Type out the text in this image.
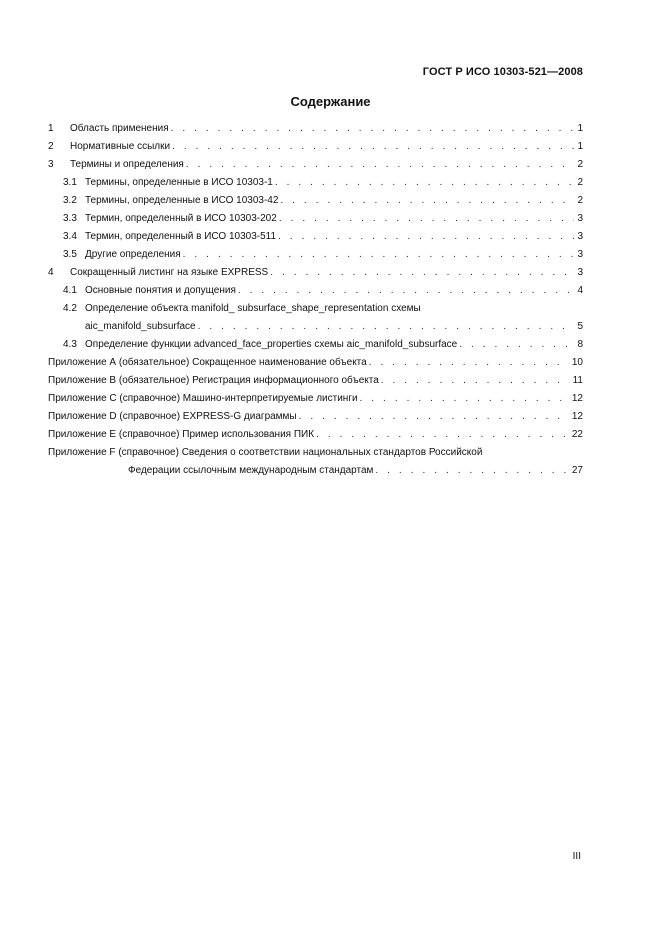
ГОСТ Р ИСО 10303-521—2008
Содержание
1	Область применения . . .	1
2	Нормативные ссылки . . .	1
3	Термины и определения . . .	2
3.1 Термины, определенные в ИСО 10303-1 . . .	2
3.2 Термины, определенные в ИСО 10303-42 . . .	2
3.3 Термин, определенный в ИСО 10303-202 . . .	3
3.4 Термин, определенный в ИСО 10303-511 . . .	3
3.5 Другие определения . . .	3
4	Сокращенный листинг на языке EXPRESS . . .	3
4.1 Основные понятия и допущения . . .	4
4.2 Определение объекта manifold_ subsurface_shape_representation схемы
aic_manifold_subsurface . . .	5
4.3 Определение функции advanced_face_properties схемы aic_manifold_subsurface . . .	8
Приложение А (обязательное) Сокращенное наименование объекта . . .	10
Приложение В (обязательное) Регистрация информационного объекта . . .	11
Приложение С (справочное) Машино-интерпретируемые листинги . . .	12
Приложение D (справочное) EXPRESS-G диаграммы . . .	12
Приложение Е (справочное) Пример использования ПИК . . .	22
Приложение F (справочное) Сведения о соответствии национальных стандартов Российской
Федерации ссылочным международным стандартам . . .	27
III
